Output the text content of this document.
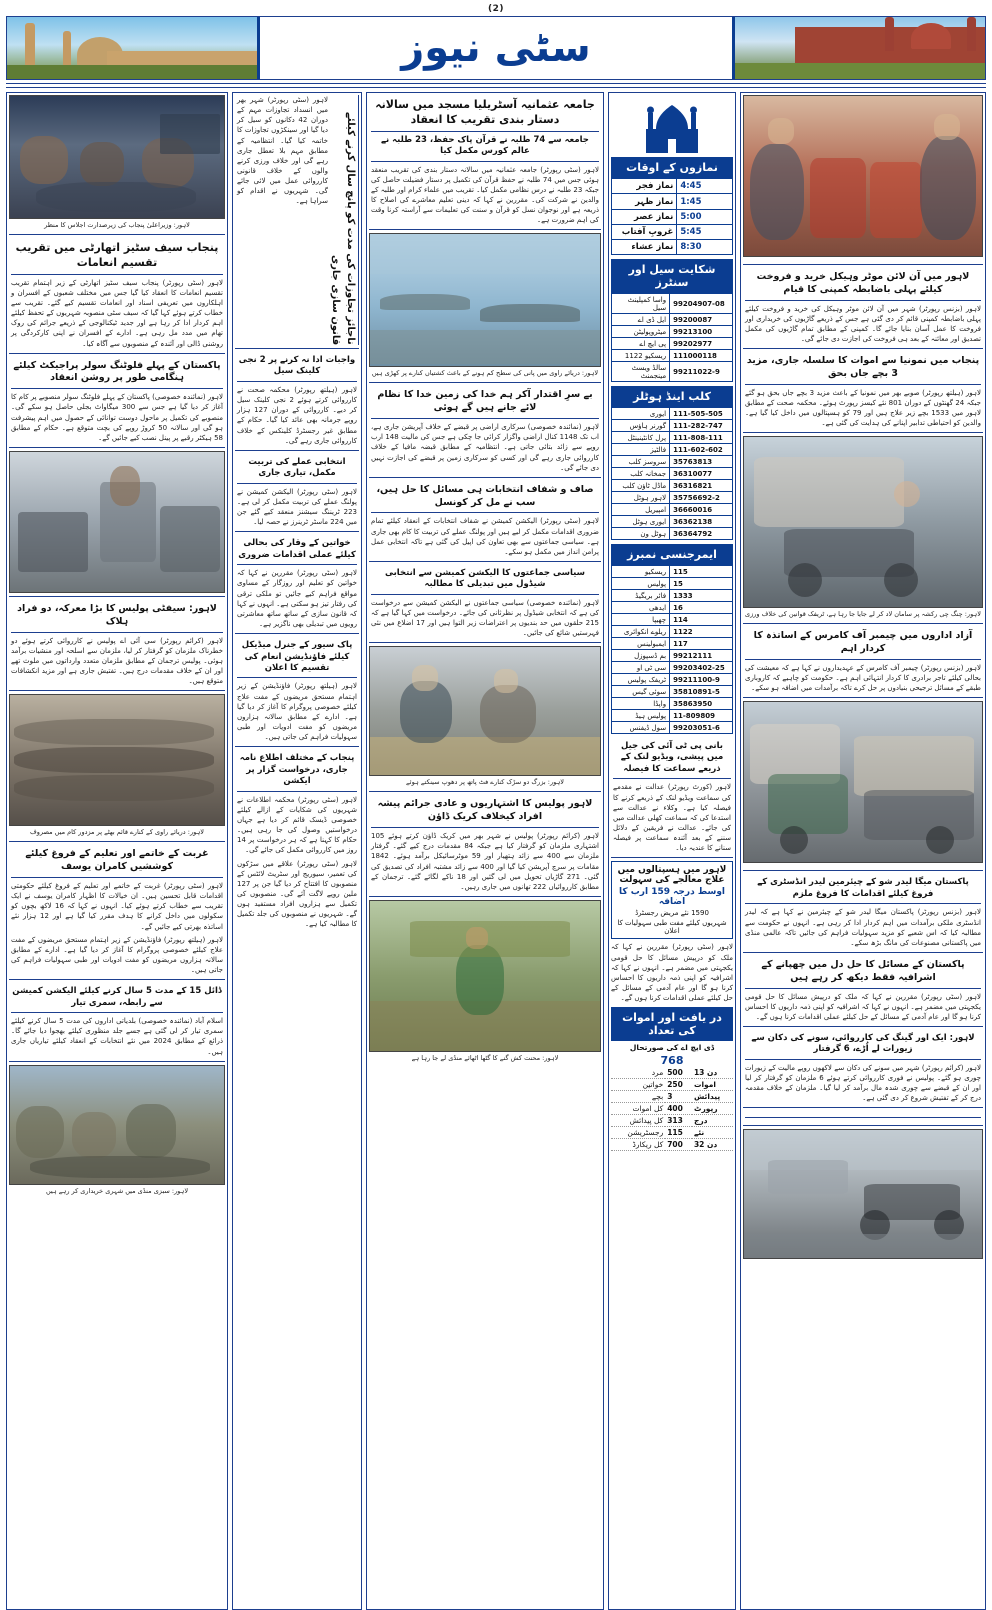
(2)
سٹی نیوز
لاہور: وزیراعلیٰ پنجاب کی زیرصدارت اجلاس کا منظر
پنجاب سیف سٹیز اتھارٹی میں تقریب تقسیم انعامات
لاہور (سٹی رپورٹر) پنجاب سیف سٹیز اتھارٹی کے زیر اہتمام تقریب تقسیم انعامات کا انعقاد کیا گیا جس میں مختلف شعبوں کے افسران و اہلکاروں میں تعریفی اسناد اور انعامات تقسیم کیے گئے۔ تقریب سے خطاب کرتے ہوئے کہا گیا کہ سیف سٹی منصوبہ شہریوں کے تحفظ کیلئے اہم کردار ادا کر رہا ہے اور جدید ٹیکنالوجی کے ذریعے جرائم کی روک تھام میں مدد مل رہی ہے۔ ادارے کے افسران نے اپنی کارکردگی پر روشنی ڈالی اور آئندہ کے منصوبوں سے آگاہ کیا۔
پاکستان کے پہلے فلوٹنگ سولر پراجیکٹ کیلئے ہنگامی طور پر روشن انعقاد
لاہور (نمائندہ خصوصی) پاکستان کے پہلے فلوٹنگ سولر منصوبے پر کام کا آغاز کر دیا گیا ہے جس سے 300 میگاواٹ بجلی حاصل ہو سکے گی۔ منصوبے کی تکمیل پر ماحول دوست توانائی کے حصول میں اہم پیشرفت ہو گی اور سالانہ 50 کروڑ روپے کی بچت متوقع ہے۔ حکام کے مطابق 58 ہیکٹر رقبے پر پینل نصب کیے جائیں گے۔
لاہور: سیفٹی پولیس کا بڑا معرکہ، دو فراد ہلاک
لاہور (کرائم رپورٹر) سی آئی اے پولیس نے کارروائی کرتے ہوئے دو خطرناک ملزمان کو گرفتار کر لیا، ملزمان سے اسلحہ اور منشیات برآمد ہوئی۔ پولیس ترجمان کے مطابق ملزمان متعدد وارداتوں میں ملوث تھے اور ان کے خلاف مقدمات درج ہیں۔ تفتیش جاری ہے اور مزید انکشافات متوقع ہیں۔
لاہور: دریائے راوی کے کنارے قائم بھٹے پر مزدور کام میں مصروف
غربت کے خاتمے اور تعلیم کے فروغ کیلئے کوششیں کامران یوسف
لاہور (سٹی رپورٹر) غربت کے خاتمے اور تعلیم کے فروغ کیلئے حکومتی اقدامات قابل تحسین ہیں۔ ان خیالات کا اظہار کامران یوسف نے ایک تقریب سے خطاب کرتے ہوئے کیا۔ انہوں نے کہا کہ 16 لاکھ بچوں کو سکولوں میں داخل کرانے کا ہدف مقرر کیا گیا ہے اور 12 ہزار نئے اساتذہ بھرتی کیے جائیں گے۔
لاہور (ہیلتھ رپورٹر) فاؤنڈیشن کے زیر اہتمام مستحق مریضوں کے مفت علاج کیلئے خصوصی پروگرام کا آغاز کر دیا گیا ہے۔ ادارے کے مطابق سالانہ ہزاروں مریضوں کو مفت ادویات اور طبی سہولیات فراہم کی جاتی ہیں۔
ڈائل 15 کے مدت 5 سال کرنے کیلئے الیکشن کمیشن سے رابطہ، سمری تیار
اسلام آباد (نمائندہ خصوصی) بلدیاتی اداروں کی مدت 5 سال کرنے کیلئے سمری تیار کر لی گئی ہے جسے جلد منظوری کیلئے بھجوا دیا جائے گا۔ ذرائع کے مطابق 2024 میں نئے انتخابات کے انعقاد کیلئے تیاریاں جاری ہیں۔
لاہور: سبزی منڈی میں شہری خریداری کر رہے ہیں
لاہور (سٹی رپورٹر) شہر بھر میں انسداد تجاوزات مہم کے دوران 42 دکانوں کو سیل کر دیا گیا اور سینکڑوں تجاوزات کا خاتمہ کیا گیا۔ انتظامیہ کے مطابق مہم بلا تعطل جاری رہے گی اور خلاف ورزی کرنے والوں کے خلاف قانونی کارروائی عمل میں لائی جائے گی۔ شہریوں نے اقدام کو سراہا ہے۔	ناجائز تجاوزات کی مدت کو پانچ سال کرنے کیلئے قانون سازی جاری
واجبات ادا نہ کرنے پر 2 نجی کلینک سیل
لاہور (ہیلتھ رپورٹر) محکمہ صحت نے کارروائی کرتے ہوئے 2 نجی کلینک سیل کر دیے۔ کارروائی کے دوران 127 ہزار روپے جرمانہ بھی عائد کیا گیا۔ حکام کے مطابق غیر رجسٹرڈ کلینکس کے خلاف کارروائی جاری رہے گی۔
انتخابی عملے کی تربیت مکمل، تیاری جاری
لاہور (سٹی رپورٹر) الیکشن کمیشن نے پولنگ عملے کی تربیت مکمل کر لی ہے۔ 223 ٹریننگ سیشنز منعقد کیے گئے جن میں 224 ماسٹر ٹرینرز نے حصہ لیا۔
خواتین کے وقار کی بحالی کیلئے عملی اقدامات ضروری
لاہور (سٹی رپورٹر) مقررین نے کہا کہ خواتین کو تعلیم اور روزگار کے مساوی مواقع فراہم کیے جائیں تو ملکی ترقی کی رفتار تیز ہو سکتی ہے۔ انہوں نے کہا کہ قانون سازی کے ساتھ ساتھ معاشرتی رویوں میں تبدیلی بھی ناگزیر ہے۔
پاک سیور کے جنرل میڈیکل کیلئے فاؤنڈیشن انعام کی تقسیم کا اعلان
لاہور (ہیلتھ رپورٹر) فاؤنڈیشن کے زیر اہتمام مستحق مریضوں کے مفت علاج کیلئے خصوصی پروگرام کا آغاز کر دیا گیا ہے۔ ادارے کے مطابق سالانہ ہزاروں مریضوں کو مفت ادویات اور طبی سہولیات فراہم کی جاتی ہیں۔
پنجاب کے مختلف اطلاع نامہ جاری، درخواست گزار پر ایکشن
لاہور (سٹی رپورٹر) محکمہ اطلاعات نے شہریوں کی شکایات کے ازالے کیلئے خصوصی ڈیسک قائم کر دیا ہے جہاں درخواستیں وصول کی جا رہی ہیں۔ حکام کا کہنا ہے کہ ہر درخواست پر 14 روز میں کارروائی مکمل کی جائے گی۔
لاہور (سٹی رپورٹر) علاقے میں سڑکوں کی تعمیر، سیوریج اور سٹریٹ لائٹس کے منصوبوں کا افتتاح کر دیا گیا جن پر 127 ملین روپے لاگت آئے گی۔ منصوبوں کی تکمیل سے ہزاروں افراد مستفید ہوں گے۔ شہریوں نے منصوبوں کی جلد تکمیل کا مطالبہ کیا ہے۔
جامعہ عثمانیہ آسٹریلیا مسجد میں سالانہ دستار بندی تقریب کا انعقاد
جامعہ سے 74 طلبہ نے قرآن پاک حفظ، 23 طلبہ نے عالم کورس مکمل کیا
لاہور (سٹی رپورٹر) جامعہ عثمانیہ میں سالانہ دستار بندی کی تقریب منعقد ہوئی جس میں 74 طلبہ نے حفظ قرآن کی تکمیل پر دستار فضیلت حاصل کی جبکہ 23 طلبہ نے درس نظامی مکمل کیا۔ تقریب میں علماء کرام اور طلبہ کے والدین نے شرکت کی۔ مقررین نے کہا کہ دینی تعلیم معاشرے کی اصلاح کا ذریعہ ہے اور نوجوان نسل کو قرآن و سنت کی تعلیمات سے آراستہ کرنا وقت کی اہم ضرورت ہے۔
لاہور: دریائے راوی میں پانی کی سطح کم ہونے کے باعث کشتیاں کنارے پر کھڑی ہیں
بے سرِ اقتدار آکر ہم خدا کی زمین خدا کا نظام لائے جانے ہیں گے ہوئی
لاہور (نمائندہ خصوصی) سرکاری اراضی پر قبضے کے خلاف آپریشن جاری ہے، اب تک 1148 کنال اراضی واگزار کرائی جا چکی ہے جس کی مالیت 148 ارب روپے سے زائد بتائی جاتی ہے۔ انتظامیہ کے مطابق قبضہ مافیا کے خلاف کارروائی جاری رہے گی اور کسی کو سرکاری زمین پر قبضے کی اجازت نہیں دی جائے گی۔
صاف و شفاف انتخابات ہی مسائل کا حل ہیں، سب نے مل کر کونسل
لاہور (سٹی رپورٹر) الیکشن کمیشن نے شفاف انتخابات کے انعقاد کیلئے تمام ضروری اقدامات مکمل کر لیے ہیں اور پولنگ عملے کی تربیت کا کام بھی جاری ہے۔ سیاسی جماعتوں سے بھی تعاون کی اپیل کی گئی ہے تاکہ انتخابی عمل پرامن انداز میں مکمل ہو سکے۔
سیاسی جماعتوں کا الیکشن کمیشن سے انتخابی شیڈول میں تبدیلی کا مطالبہ
لاہور (نمائندہ خصوصی) سیاسی جماعتوں نے الیکشن کمیشن سے درخواست کی ہے کہ انتخابی شیڈول پر نظرثانی کی جائے۔ درخواست میں کہا گیا ہے کہ 215 حلقوں میں حد بندیوں پر اعتراضات زیر التوا ہیں اور 17 اضلاع میں نئی فہرستیں شائع کی جائیں۔
لاہور: بزرگ دو سڑک کنارے فٹ پاتھ پر دھوپ سینکتے ہوئے
لاہور پولیس کا اشتہاریوں و عادی جرائم پیشہ افراد کیخلاف کریک ڈاؤن
لاہور (کرائم رپورٹر) پولیس نے شہر بھر میں کریک ڈاؤن کرتے ہوئے 105 اشتہاری ملزمان کو گرفتار کیا ہے جبکہ 84 مقدمات درج کیے گئے۔ گرفتار ملزمان سے 400 سے زائد ہتھیار اور 59 موٹرسائیکل برآمد ہوئے۔ 1842 مقامات پر سرچ آپریشن کیا گیا اور 400 سے زائد مشتبہ افراد کی تصدیق کی گئی۔ 271 گاڑیاں تحویل میں لی گئیں اور 18 ناکے لگائے گئے۔ ترجمان کے مطابق کارروائیاں 222 تھانوں میں جاری رہیں۔
لاہور: محنت کش گنے کا گٹھا اٹھائے منڈی لے جا رہا ہے
نمازوں کے اوقات
4:45	نماز فجر
1:45	نماز ظہر
5:00	نماز عصر
5:45	غروبِ آفتاب
8:30	نماز عشاء
شکایت سیل اور سنٹرز
99204907-08	واسا کمپلینٹ سیل
99200087	ایل ڈی اے
99213100	میٹروپولیٹن
99202977	پی ایچ اے
111000118	ریسکیو 1122
99211022-9	سالڈ ویسٹ مینجمنٹ
کلب اینڈ ہوٹلز
111-505-505	ایوری
111-282-747	گورنر ہاؤس
111-808-111	پرل کانٹینینٹل
111-602-602	فالٹیز
35763813	سروسز کلب
36310077	جمخانہ کلب
36316821	ماڈل ٹاؤن کلب
35756692-2	لاہور ہوٹل
36660016	امپیریل
36362138	ایوری ہوٹل
36364792	ہوٹل ون
ایمرجنسی نمبرز
115	ریسکیو
15	پولیس
1333	فائر بریگیڈ
16	ایدھی
114	چھیپا
1122	ریلوے انکوائری
117	ایمبولینس
99212111	بم ڈسپوزل
99203402-25	سی ٹی او
99211100-9	ٹریفک پولیس
35810891-5	سوئی گیس
35863950	واپڈا
11-809809	پولیس ہیڈ
99203051-6	سول ڈیفنس
بانی پی ٹی آئی کی جیل میں پیشی، ویڈیو لنک کے ذریعے سماعت کا فیصلہ
لاہور (کورٹ رپورٹر) عدالت نے مقدمے کی سماعت ویڈیو لنک کے ذریعے کرنے کا فیصلہ کیا ہے۔ وکلاء نے عدالت سے استدعا کی کہ سماعت کھلی عدالت میں کی جائے۔ عدالت نے فریقین کے دلائل سننے کے بعد آئندہ سماعت پر فیصلہ سنانے کا عندیہ دیا۔
لاہور میں ہسپتالوں میں علاج معالجے کی سہولت
اوسط درجہ 159 ارب کا اضافہ
1590 نئے مریض رجسٹرڈ
شہریوں کیلئے مفت طبی سہولیات کا اعلان
لاہور (سٹی رپورٹر) مقررین نے کہا کہ ملک کو درپیش مسائل کا حل قومی یکجہتی میں مضمر ہے۔ انہوں نے کہا کہ اشرافیہ کو اپنی ذمہ داریوں کا احساس کرنا ہو گا اور عام آدمی کے مسائل کے حل کیلئے عملی اقدامات کرنا ہوں گے۔
در یافت اور اموات کی تعداد
ڈی ایچ اے کی صورتحال
768
13 دن	500	مرد
اموات	250	خواتین
پیدائش	3	بچے
رپورٹ	400	کل اموات
درج	313	کل پیدائش
نئے	115	رجسٹریشن
32 دن	700	کل ریکارڈ
لاہور میں آن لائن موٹر وہیکل خرید و فروخت کیلئے پہلی باضابطہ کمپنی کا قیام
لاہور (بزنس رپورٹر) شہر میں آن لائن موٹر وہیکل کی خرید و فروخت کیلئے پہلی باضابطہ کمپنی قائم کر دی گئی ہے جس کے ذریعے گاڑیوں کی خریداری اور فروخت کا عمل آسان بنایا جائے گا۔ کمپنی کے مطابق تمام گاڑیوں کی مکمل تصدیق اور معائنہ کے بعد ہی فروخت کی اجازت دی جائے گی۔
پنجاب میں نمونیا سے اموات کا سلسلہ جاری، مزید 3 بچے جاں بحق
لاہور (ہیلتھ رپورٹر) صوبے بھر میں نمونیا کے باعث مزید 3 بچے جاں بحق ہو گئے جبکہ 24 گھنٹوں کے دوران 801 نئے کیسز رپورٹ ہوئے۔ محکمہ صحت کے مطابق لاہور میں 1533 بچے زیر علاج ہیں اور 79 کو ہسپتالوں میں داخل کیا گیا ہے۔ والدین کو احتیاطی تدابیر اپنانے کی ہدایت کی گئی ہے۔
لاہور: چنگ چی رکشہ پر سامان لاد کر لے جایا جا رہا ہے، ٹریفک قوانین کی خلاف ورزی
آزاد اداروں میں چیمبر آف کامرس کے اساتذہ کا کردار اہم
لاہور (بزنس رپورٹر) چیمبر آف کامرس کے عہدیداروں نے کہا ہے کہ معیشت کی بحالی کیلئے تاجر برادری کا کردار انتہائی اہم ہے۔ حکومت کو چاہیے کہ کاروباری طبقے کے مسائل ترجیحی بنیادوں پر حل کرے تاکہ برآمدات میں اضافہ ہو سکے۔
پاکستان میگا لیدر شو کے چیئرمین لیدر انڈسٹری کے فروغ کیلئے اقدامات کا فروغ ملزم
لاہور (بزنس رپورٹر) پاکستان میگا لیدر شو کے چیئرمین نے کہا ہے کہ لیدر انڈسٹری ملکی برآمدات میں اہم کردار ادا کر رہی ہے۔ انہوں نے حکومت سے مطالبہ کیا کہ اس شعبے کو مزید سہولیات فراہم کی جائیں تاکہ عالمی منڈی میں پاکستانی مصنوعات کی مانگ بڑھ سکے۔
پاکستان کے مسائل کا حل دل میں چھپانے کے اشرافیہ فقط دیکھ کر رہے ہیں
لاہور (سٹی رپورٹر) مقررین نے کہا کہ ملک کو درپیش مسائل کا حل قومی یکجہتی میں مضمر ہے۔ انہوں نے کہا کہ اشرافیہ کو اپنی ذمہ داریوں کا احساس کرنا ہو گا اور عام آدمی کے مسائل کے حل کیلئے عملی اقدامات کرنا ہوں گے۔
لاہور: ایک اور گینگ کی کارروائی، سونے کی دکان سے زیورات لے اُڑے، 6 گرفتار
لاہور (کرائم رپورٹر) شہر میں سونے کی دکان سے لاکھوں روپے مالیت کے زیورات چوری ہو گئے۔ پولیس نے فوری کارروائی کرتے ہوئے 6 ملزمان کو گرفتار کر لیا اور ان کے قبضے سے چوری شدہ مال برآمد کر لیا گیا۔ ملزمان کے خلاف مقدمہ درج کر کے تفتیش شروع کر دی گئی ہے۔
